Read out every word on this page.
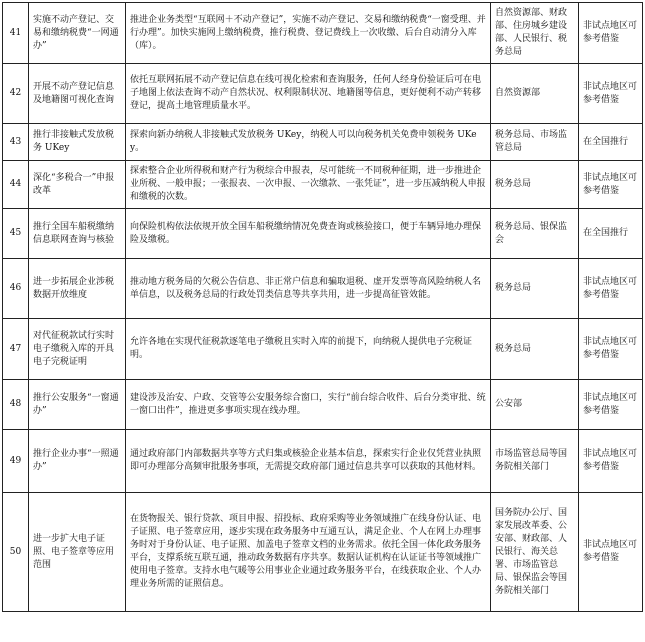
41	实施不动产登记、交易和缴纳税费“一网通办”	推进企业务类型“互联网＋不动产登记”，实施不动产登记、交易和缴纳税费“一窗受理、并行办理”。加快实施网上缴纳税费，推行税费、登记费线上一次收缴、后台自动清分入库（库）。	自然资源部、财政部、住房城乡建设部、人民银行、税务总局	非试点地区可参考借鉴
42	开展不动产登记信息及地籍图可视化查询	依托互联网拓展不动产登记信息在线可视化检索和查询服务，任何人经身份验证后可在电子地图上依法查询不动产自然状况、权利限制状况、地籍图等信息，更好便利不动产转移登记，提高土地管理质量水平。	自然资源部	非试点地区可参考借鉴
43	推行非接触式发放税务 UKey	探索向新办纳税人非接触式发放税务 UKey，纳税人可以向税务机关免费申领税务 UKey。	税务总局、市场监管总局	在全国推行
44	深化“多税合一”申报改革	探索整合企业所得税和财产行为税综合申报表，尽可能统一不同税种征期，进一步推进企业所税、一般申报；一张报表、一次申报、一次缴款、一张凭证”，进一步压减纳税人申报和缴税的次数。	税务总局	非试点地区可参考借鉴
45	推行全国车船税缴纳信息联网查询与核验	向保险机构依法依规开放全国车船税缴纳情况免费查询或核验接口，便于车辆异地办理保险及缴税。	税务总局、银保监会	在全国推行
46	进一步拓展企业涉税数据开放维度	推动地方税务局的欠税公告信息、非正常户信息和骗取退税、虚开发票等高风险纳税人名单信息，以及税务总局的行政处罚类信息等共享共用，进一步提高征管效能。	税务总局	非试点地区可参考借鉴
47	对代征税款试行实时电子缴税入库的开具电子完税证明	允许各地在实现代征税款逐笔电子缴税且实时入库的前提下，向纳税人提供电子完税证明。	税务总局	非试点地区可参考借鉴
48	推行公安服务“一窗通办”	建设涉及治安、户政、交管等公安服务综合窗口，实行“前台综合收件、后台分类审批、统一窗口出件”，推进更多事项实现在线办理。	公安部	非试点地区可参考借鉴
49	推行企业办事“一照通办”	通过政府部门内部数据共享等方式归集或核验企业基本信息，探索实行企业仅凭营业执照即可办理部分高频审批服务事项，无需提交政府部门通过信息共享可以获取的其他材料。	市场监管总局等国务院相关部门	非试点地区可参考借鉴
50	进一步扩大电子证照、电子签章等应用范围	在货物报关、银行贷款、项目申报、招投标、政府采购等业务领域推广在线身份认证、电子证照、电子签章应用，逐步实现在政务服务中互通互认，满足企业、个人在网上办理事务时对于身份认证、电子证照、加盖电子签章文档的业务需求。依托全国一体化政务服务平台，支撑系统互联互通，推动政务数据有序共享。数据认证机构在认证证书等领域推广使用电子签章。支持水电气暖等公用事业企业通过政务服务平台，在线获取企业、个人办理业务所需的证照信息。	国务院办公厅、国家发展改革委、公安部、财政部、人民银行、海关总署、市场监管总局、银保监会等国务院相关部门	非试点地区可参考借鉴
